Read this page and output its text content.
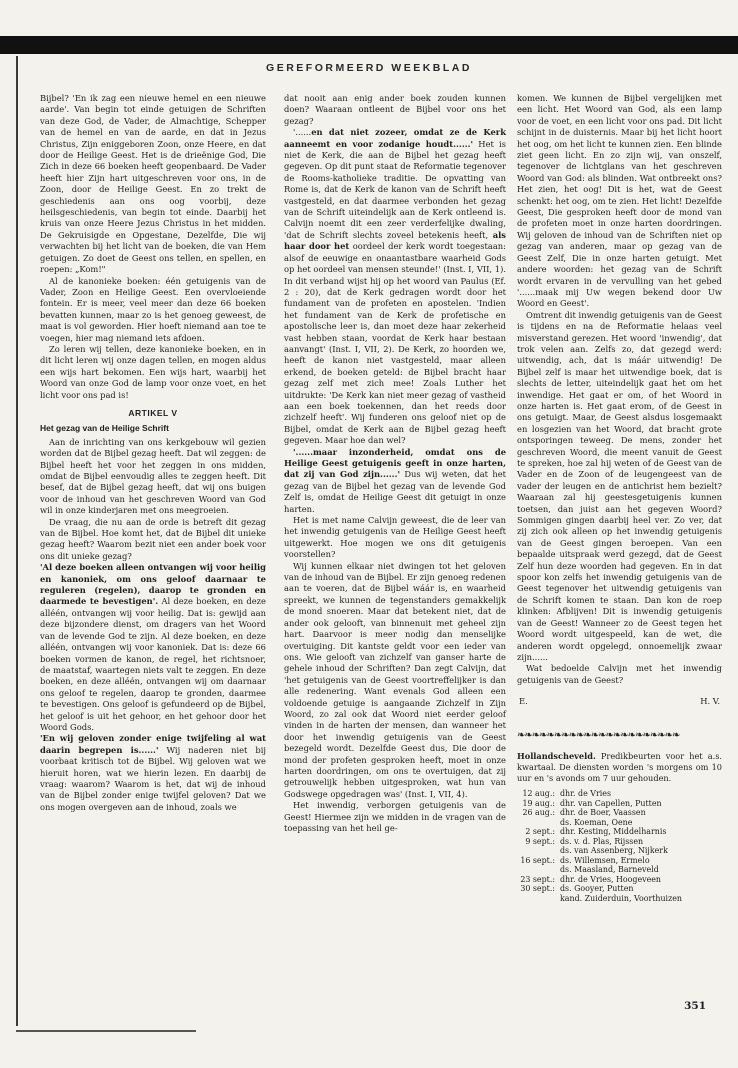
GEREFORMEERD WEEKBLAD

Bijbel? 'En ik zag een nieuwe hemel en een nieuwe aarde'. Van begin tot einde getuigen de Schriften van deze God, de Vader, de Almachtige, Schepper van de hemel en van de aarde, en dat in Jezus Christus, Zijn eniggeboren Zoon, onze Heere, en dat door de Heilige Geest. Het is de drieënige God, Die Zich in deze 66 boeken heeft geopenbaard. De Vader heeft hier Zijn hart uitgeschreven voor ons, in de Zoon, door de Heilige Geest. En zo trekt de geschiedenis aan ons oog voorbij, deze heilsgeschiedenis, van begin tot einde. Daarbij het kruis van onze Heere Jezus Christus in het midden. De Gekruisigde en Opgestane, Dezelfde, Die wij verwachten bij het licht van de boeken, die van Hem getuigen. Zo doet de Geest ons tellen, en spellen, en roepen: „Kom!"

Al de kanonieke boeken: één getuigenis van de Vader, Zoon en Heilige Geest. Een overvloeiende fontein. Er is meer, veel meer dan deze 66 boeken bevatten kunnen, maar zo is het genoeg geweest, de maat is vol geworden. Hier hoeft niemand aan toe te voegen, hier mag niemand iets afdoen.

Zo leren wij tellen, deze kanonieke boeken, en in dit licht leren wij onze dagen tellen, en mogen aldus een wijs hart bekomen. Een wijs hart, waarbij het Woord van onze God de lamp voor onze voet, en het licht voor ons pad is!

ARTIKEL V
Het gezag van de Heilige Schrift

Aan de inrichting van ons kerkgebouw wil gezien worden dat de Bijbel gezag heeft. Dat wil zeggen: de Bijbel heeft het voor het zeggen in ons midden, omdat de Bijbel eenvoudig alles te zeggen heeft. Dit besef, dat de Bijbel gezag heeft, dat wij ons buigen voor de inhoud van het geschreven Woord van God wil in onze kinderjaren met ons meegroeien.

De vraag, die nu aan de orde is betreft dit gezag van de Bijbel. Hoe komt het, dat de Bijbel dit unieke gezag heeft? Waarom bezit niet een ander boek voor ons dit unieke gezag?

'Al deze boeken alleen ontvangen wij voor heilig en kanoniek, om ons geloof daarnaar te reguleren (regelen), daarop te gronden en daarmede te bevestigen'. Al deze boeken, en deze alléén, ontvangen wij voor heilig. Dat is: gewijd aan deze bijzondere dienst, om dragers van het Woord van de levende God te zijn. Al deze boeken, en deze alléén, ontvangen wij voor kanoniek. Dat is: deze 66 boeken vormen de kanon, de regel, het richtsnoer, de maatstaf, waartegen niets valt te zeggen. En deze boeken, en deze alléén, ontvangen wij om daarnaar ons geloof te regelen, daarop te gronden, daarmee te bevestigen. Ons geloof is gefundeerd op de Bijbel, het geloof is uit het gehoor, en het gehoor door het Woord Gods.

'En wij geloven zonder enige twijfeling al wat daarin begrepen is......' Wij naderen niet bij voorbaat kritisch tot de Bijbel. Wij geloven wat we hieruit horen, wat we hierin lezen. En daarbij de vraag: waarom? Waarom is het, dat wij de inhoud van de Bijbel zonder enige twijfel geloven? Dat we ons mogen overgeven aan de inhoud, zoals we

dat nooit aan enig ander boek zouden kunnen doen? Waaraan ontleent de Bijbel voor ons het gezag?

'......en dat niet zozeer, omdat ze de Kerk aanneemt en voor zodanige houdt......' Het is niet de Kerk, die aan de Bijbel het gezag heeft gegeven. Op dit punt staat de Reformatie tegenover de Rooms-katholieke traditie. De opvatting van Rome is, dat de Kerk de kanon van de Schrift heeft vastgesteld, en dat daarmee verbonden het gezag van de Schrift uiteindelijk aan de Kerk ontleend is. Calvijn noemt dit een zeer verderfelijke dwaling, 'dat de Schrift slechts zoveel betekenis heeft, als haar door het oordeel der kerk wordt toegestaan: alsof de eeuwige en onaantastbare waarheid Gods op het oordeel van mensen steunde!' (Inst. I, VII, 1). In dit verband wijst hij op het woord van Paulus (Ef. 2 : 20), dat de Kerk gedragen wordt door het fundament van de profeten en apostelen. 'Indien het fundament van de Kerk de profetische en apostolische leer is, dan moet deze haar zekerheid vast hebben staan, voordat de Kerk haar bestaan aanvangt' (Inst. I, VII, 2). De Kerk, zo hoorden we, heeft de kanon niet vastgesteld, maar alleen erkend, de boeken geteld: de Bijbel bracht haar gezag zelf met zich mee! Zoals Luther het uitdrukte: 'De Kerk kan niet meer gezag of vastheid aan een boek toekennen, dan het reeds door zichzelf heeft'. Wij funderen ons geloof niet op de Bijbel, omdat de Kerk aan de Bijbel gezag heeft gegeven. Maar hoe dan wel?

'......maar inzonderheid, omdat ons de Heilige Geest getuigenis geeft in onze harten, dat zij van God zijn......' Dus wij weten, dat het gezag van de Bijbel het gezag van de levende God Zelf is, omdat de Heilige Geest dit getuigt in onze harten.

Het is met name Calvijn geweest, die de leer van het inwendig getuigenis van de Heilige Geest heeft uitgewerkt. Hoe mogen we ons dit getuigenis voorstellen?

Wij kunnen elkaar niet dwingen tot het geloven van de inhoud van de Bijbel. Er zijn genoeg redenen aan te voeren, dat de Bijbel wáár is, en waarheid spreekt, we kunnen de tegenstanders gemakkelijk de mond snoeren. Maar dat betekent niet, dat de ander ook gelooft, van binnenuit met geheel zijn hart. Daarvoor is meer nodig dan menselijke overtuiging. Dit kantste geldt voor een ieder van ons. Wie gelooft van zichzelf van ganser harte de gehele inhoud der Schriften? Dan zegt Calvijn, dat 'het getuigenis van de Geest voortreffelijker is dan alle redenering. Want evenals God alleen een voldoende getuige is aangaande Zichzelf in Zijn Woord, zo zal ook dat Woord niet eerder geloof vinden in de harten der mensen, dan wanneer het door het inwendig getuigenis van de Geest bezegeld wordt. Dezelfde Geest dus, Die door de mond der profeten gesproken heeft, moet in onze harten doordringen, om ons te overtuigen, dat zij getrouwelijk hebben uitgesproken, wat hun van Godswege opgedragen was' (Inst. I, VII, 4).

Het inwendig, verborgen getuigenis van de Geest! Hiermee zijn we midden in de vragen van de toepassing van het heil ge-

komen. We kunnen de Bijbel vergelijken met een licht. Het Woord van God, als een lamp voor de voet, en een licht voor ons pad. Dit licht schijnt in de duisternis. Maar bij het licht hoort het oog, om het licht te kunnen zien. Een blinde ziet geen licht. En zo zijn wij, van onszelf, tegenover de lichtglans van het geschreven Woord van God: als blinden. Wat ontbreekt ons? Het zien, het oog! Dit is het, wat de Geest schenkt: het oog, om te zien. Het licht! Dezelfde Geest, Die gesproken heeft door de mond van de profeten moet in onze harten doordringen. Wij geloven de inhoud van de Schriften niet op gezag van anderen, maar op gezag van de Geest Zelf, Die in onze harten getuigt. Met andere woorden: het gezag van de Schrift wordt ervaren in de vervulling van het gebed '......maak mij Uw wegen bekend door Uw Woord en Geest'.

Omtrent dit inwendig getuigenis van de Geest is tijdens en na de Reformatie helaas veel misverstand gerezen. Het woord 'inwendig', dat trok velen aan. Zelfs zo, dat gezegd werd: uitwendig, ach, dat is máár uitwendig! De Bijbel zelf is maar het uitwendige boek, dat is slechts de letter, uiteindelijk gaat het om het inwendige. Het gaat er om, of het Woord in onze harten is. Het gaat erom, of de Geest in ons getuigt. Maar, de Geest alsdus losgemaakt en losgezien van het Woord, dat bracht grote ontsporingen teweeg. De mens, zonder het geschreven Woord, die meent vanuit de Geest te spreken, hoe zal hij weten of de Geest van de Vader en de Zoon of de leugengeest van de vader der leugen en de antichrist hem bezielt? Waaraan zal hij geestesgetuigenis kunnen toetsen, dan juist aan het gegeven Woord? Sommigen gingen daarbij heel ver. Zo ver, dat zij zich ook alleen op het inwendig getuigenis van de Geest gingen beroepen. Van een bepaalde uitspraak werd gezegd, dat de Geest Zelf hun deze woorden had gegeven. En in dat spoor kon zelfs het inwendig getuigenis van de Geest tegenover het uitwendig getuigenis van de Schrift komen te staan. Dan kon de roep klinken: Afblijven! Dit is inwendig getuigenis van de Geest! Wanneer zo de Geest tegen het Woord wordt uitgespeeld, kan de wet, die anderen wordt opgelegd, onnoemelijk zwaar zijn......

Wat bedoelde Calvijn met het inwendig getuigenis van de Geest?

E.	H. V.
❧❧❧❧❧❧❧❧❧❧❧❧❧❧❧❧❧❧❧❧❧❧

Hollandscheveld. Predikbeurten voor het a.s. kwartaal. De diensten worden 's morgens om 10 uur en 's avonds om 7 uur gehouden.

12 aug.: dhr. de Vries
19 aug.: dhr. van Capellen, Putten
26 aug.: dhr. de Boer, Vaassen
ds. Koeman, Oene
2 sept.: dhr. Kesting, Middelharnis
9 sept.: ds. v. d. Plas, Rijssen
ds. van Assenberg, Nijkerk
16 sept.: ds. Willemsen, Ermelo
ds. Maasland, Barneveld
23 sept.: dhr. de Vries, Hoogeveen
30 sept.: ds. Gooyer, Putten
kand. Zuiderduin, Voorthuizen
351
